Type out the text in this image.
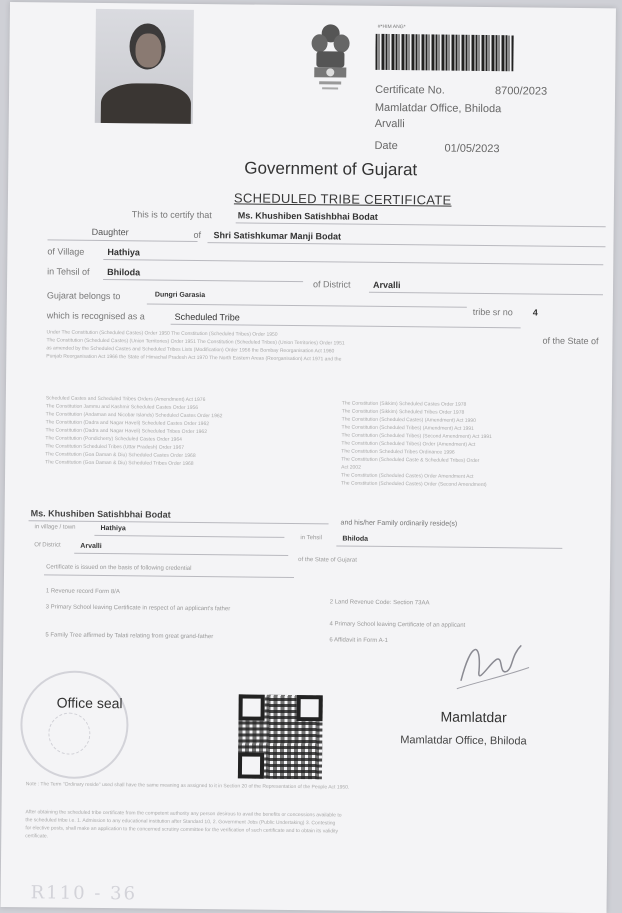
#*HIM ANG*
Certificate No.	8700/2023
Mamlatdar Office, Bhiloda
Arvalli
Date	01/05/2023
Government of Gujarat
SCHEDULED TRIBE CERTIFICATE
This is to certify that	Ms. Khushiben Satishbhai Bodat
Daughter	of Shri Satishkumar Manji Bodat
of Village	Hathiya
in Tehsil of Bhiloda
of District Arvalli
Gujarat belongs to	Dungri Garasia
tribe sr no 4
which is recognised as a	Scheduled Tribe
of the State of
Under The Constitution (Scheduled Castes) Order 1950 The Constitution (Scheduled Tribes) Order 1950
The Constitution (Scheduled Castes) (Union Territories) Order 1951 The Constitution (Scheduled Tribes) (Union Territories) Order 1951
as amended by the Scheduled Castes and Scheduled Tribes Lists (Modification) Order 1956 the Bombay Reorganisation Act 1960
Punjab Reorganisation Act 1966 the State of Himachal Pradesh Act 1970 The North Eastern Areas (Reorganisation) Act 1971 and the
Scheduled Castes and Scheduled Tribes Orders (Amendment) Act 1976
The Constitution Jammu and Kashmir Scheduled Castes Order 1956
The Constitution (Andaman and Nicobar Islands) Scheduled Castes Order 1962
The Constitution (Dadra and Nagar Haveli) Scheduled Castes Order 1962
The Constitution (Dadra and Nagar Haveli) Scheduled Tribes Order 1962
The Constitution (Pondicherry) Scheduled Castes Order 1964
The Constitution Scheduled Tribes (Uttar Pradesh) Order 1967
The Constitution (Goa Daman & Diu) Scheduled Castes Order 1968
The Constitution (Goa Daman & Diu) Scheduled Tribes Order 1968
The Constitution (Sikkim) Scheduled Castes Order 1978
The Constitution (Sikkim) Scheduled Tribes Order 1978
The Constitution (Scheduled Castes) (Amendment) Act 1990
The Constitution (Scheduled Tribes) (Amendment) Act 1991
The Constitution (Scheduled Tribes) (Second Amendment) Act 1991
The Constitution (Scheduled Tribes) Order (Amendment) Act
The Constitution Scheduled Tribes Ordinance 1996
The Constitution (Scheduled Caste & Scheduled Tribes) Order
Act 2002
The Constitution (Scheduled Castes) Order Amendment Act
The Constitution (Scheduled Castes) Order (Second Amendment)
Ms. Khushiben Satishbhai Bodat
and his/her Family ordinarily reside(s)
in village / town	Hathiya
in Tehsil	Bhiloda
Of District	Arvalli
of the State of Gujarat
Certificate is issued on the basis of following credential
1 Revenue record Form 8/A
2 Land Revenue Code: Section 73AA
3 Primary School leaving Certificate in respect of an applicant's father
4 Primary School leaving Certificate of an applicant
5 Family Tree affirmed by Talati relating from great grand-father
6 Affidavit in Form A-1
Office seal
Mamlatdar
Mamlatdar Office, Bhiloda
Note : The Term "Ordinary reside" used shall have the same meaning as assigned to it in Section 20 of the Representation of the People Act 1950.
After obtaining the scheduled tribe certificate from the competent authority any person desirous to avail the benefits or concessions available to
the scheduled tribe i.e. 1. Admission to any educational institution after Standard 10, 2. Government Jobs (Public Undertaking) 3. Contesting
for elective posts, shall make an application to the concerned scrutiny committee for the verification of such certificate and to obtain its validity
certificate.
R110 - 36
